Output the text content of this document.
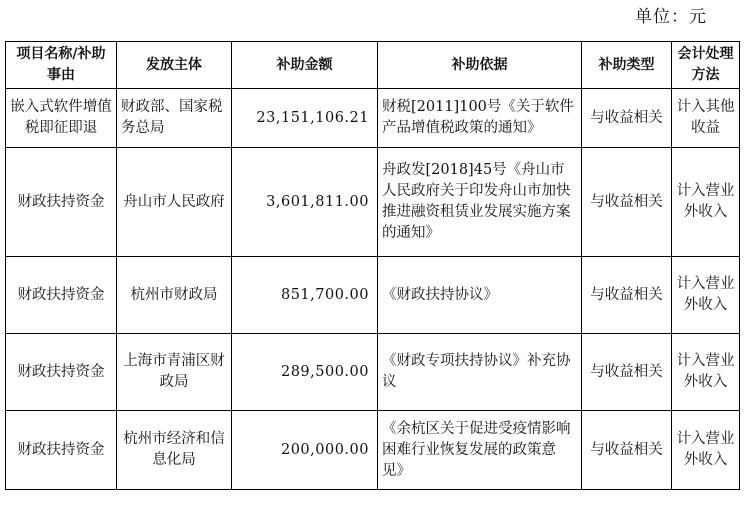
单位：元
项目名称/补助事由	发放主体	补助金额	补助依据	补助类型	会计处理方法
嵌入式软件增值税即征即退	财政部、国家税务总局	23,151,106.21	财税[2011]100号《关于软件产品增值税政策的通知》	与收益相关	计入其他收益
财政扶持资金	舟山市人民政府	3,601,811.00	舟政发[2018]45号《舟山市人民政府关于印发舟山市加快推进融资租赁业发展实施方案的通知》	与收益相关	计入营业外收入
财政扶持资金	杭州市财政局	851,700.00	《财政扶持协议》	与收益相关	计入营业外收入
财政扶持资金	上海市青浦区财政局	289,500.00	《财政专项扶持协议》补充协议	与收益相关	计入营业外收入
财政扶持资金	杭州市经济和信息化局	200,000.00	《余杭区关于促进受疫情影响困难行业恢复发展的政策意见》	与收益相关	计入营业外收入
